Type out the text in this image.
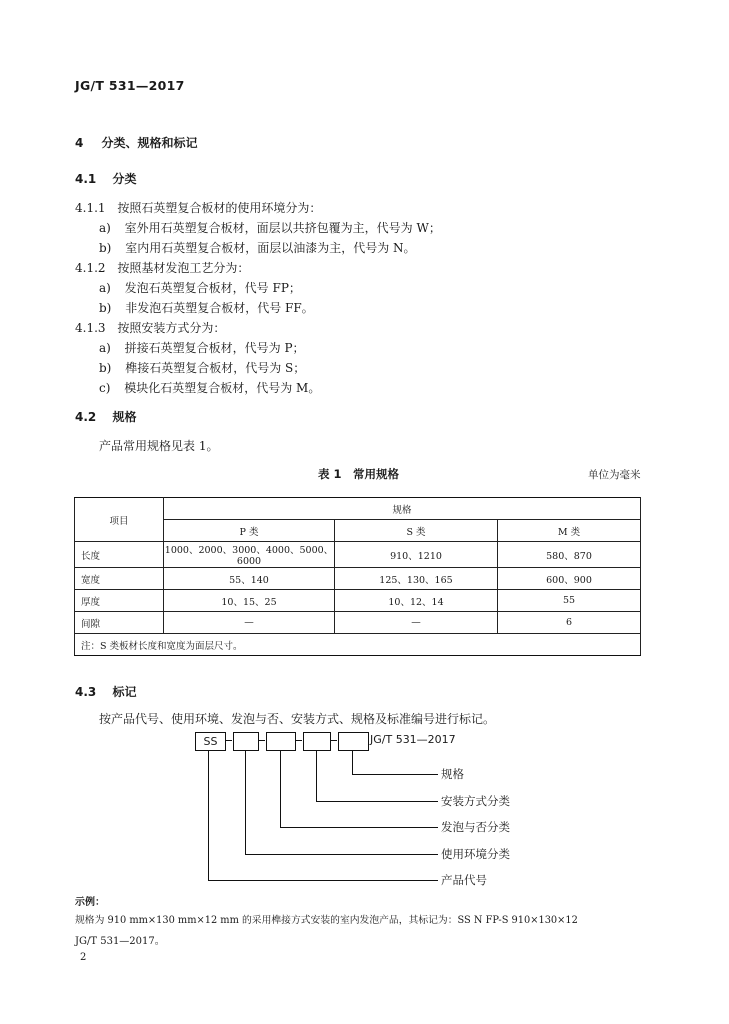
JG/T 531—2017
4 分类、规格和标记
4.1 分类
4.1.1 按照石英塑复合板材的使用环境分为：
a) 室外用石英塑复合板材，面层以共挤包覆为主，代号为 W；
b) 室内用石英塑复合板材，面层以油漆为主，代号为 N。
4.1.2 按照基材发泡工艺分为：
a) 发泡石英塑复合板材，代号 FP；
b) 非发泡石英塑复合板材，代号 FF。
4.1.3 按照安装方式分为：
a) 拼接石英塑复合板材，代号为 P；
b) 榫接石英塑复合板材，代号为 S；
c) 模块化石英塑复合板材，代号为 M。
4.2 规格
产品常用规格见表 1。
表 1　常用规格	单位为毫米
项目	规格		
	P 类	S 类	M 类
长度	1000、2000、3000、4000、5000、6000	910、1210	580、870
宽度	55、140	125、130、165	600、900
厚度	10、15、25	10、12、14	55
间隙	—	—	6
注：S 类板材长度和宽度为面层尺寸。			
4.3 标记
按产品代号、使用环境、发泡与否、安装方式、规格及标准编号进行标记。
SS	JG/T 531—2017
规格
安装方式分类
发泡与否分类
使用环境分类
产品代号
示例：
规格为 910 mm×130 mm×12 mm 的采用榫接方式安装的室内发泡产品，其标记为：SS N FP-S 910×130×12
JG/T 531—2017。
2
